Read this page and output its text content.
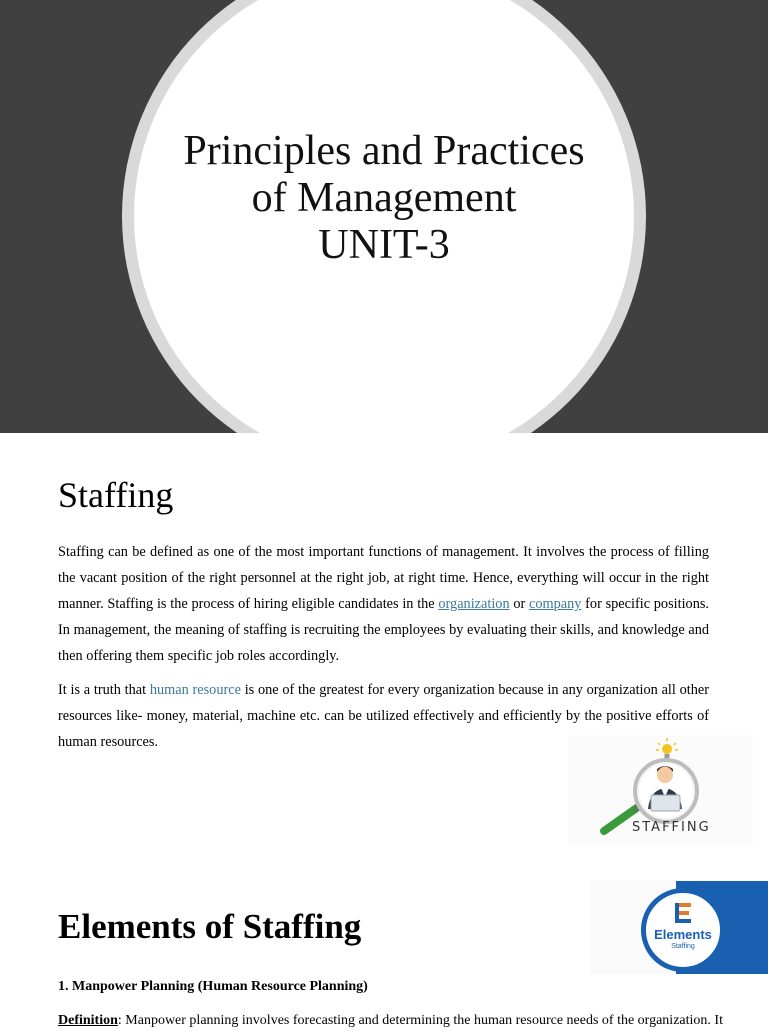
Principles and Practices
of Management
UNIT-3
Staffing

Staffing can be defined as one of the most important functions of management. It involves the process of filling the vacant position of the right personnel at the right job, at right time. Hence, everything will occur in the right manner. Staffing is the process of hiring eligible candidates in the organization or company for specific positions. In management, the meaning of staffing is recruiting the employees by evaluating their skills, and knowledge and then offering them specific job roles accordingly.

It is a truth that human resource is one of the greatest for every organization because in any organization all other resources like- money, material, machine etc. can be utilized effectively and efficiently by the positive efforts of human resources.

STAFFING
Elements of Staffing	Elements
Staffing
1. Manpower Planning (Human Resource Planning)

Definition: Manpower planning involves forecasting and determining the human resource needs of the organization. It
